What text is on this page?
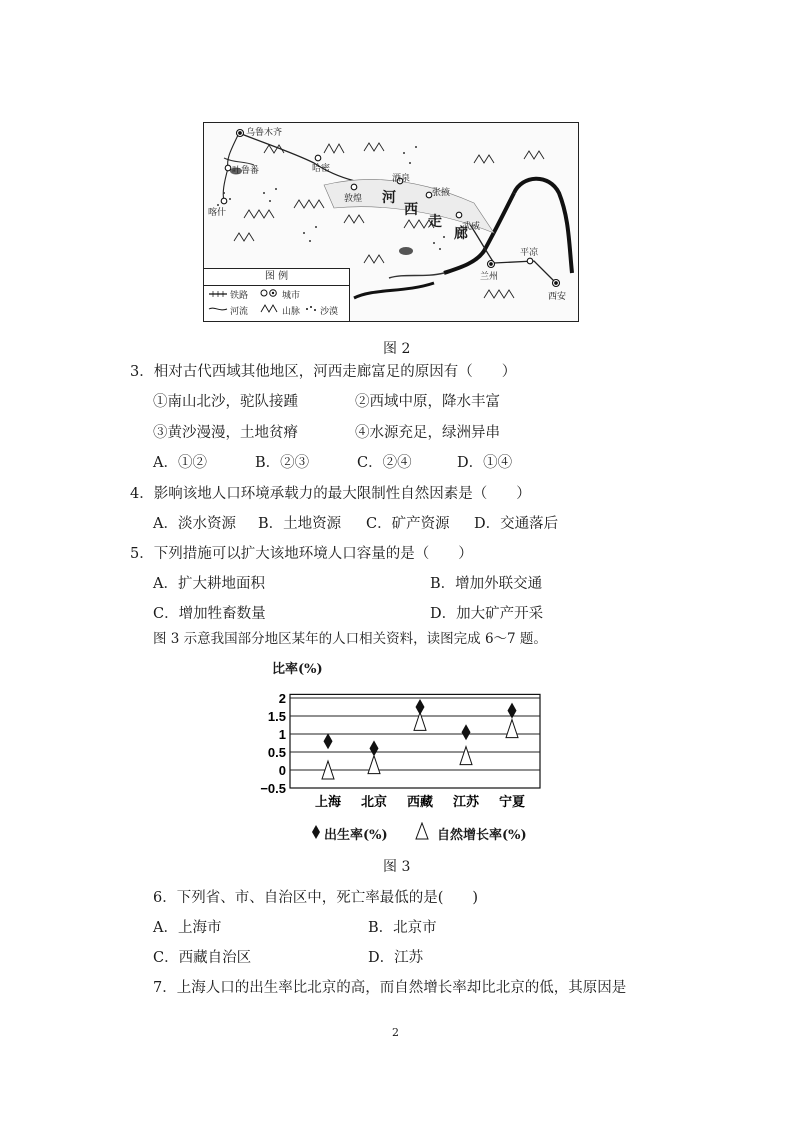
乌鲁木齐
吐鲁番	哈密
喀什
敦煌
酒泉
张掖
武威
兰州
平凉
西安
河
西
走
廊
图 例
铁路	城市
河流	山脉 沙漠
图 2
3．相对古代西域其他地区，河西走廊富足的原因有（　　）
①南山北沙，驼队接踵	②西域中原，降水丰富
③黄沙漫漫，土地贫瘠	④水源充足，绿洲异串
A．①②	B．②③	C．②④	D．①④
4．影响该地人口环境承载力的最大限制性自然因素是（　　）
A．淡水资源 B．土地资源 C．矿产资源 D．交通落后
5．下列措施可以扩大该地环境人口容量的是（　　）
A．扩大耕地面积	B．增加外联交通
C．增加牲畜数量	D．加大矿产开采
图 3 示意我国部分地区某年的人口相关资料，读图完成 6～7 题。
比率(%)
2
1.5
1
0.5
0
−0.5
上海 北京 西藏 江苏 宁夏
出生率(%)	自然增长率(%)
图 3
6．下列省、市、自治区中，死亡率最低的是(　　)
A．上海市	B．北京市
C．西藏自治区	D．江苏
7．上海人口的出生率比北京的高，而自然增长率却比北京的低，其原因是
2
